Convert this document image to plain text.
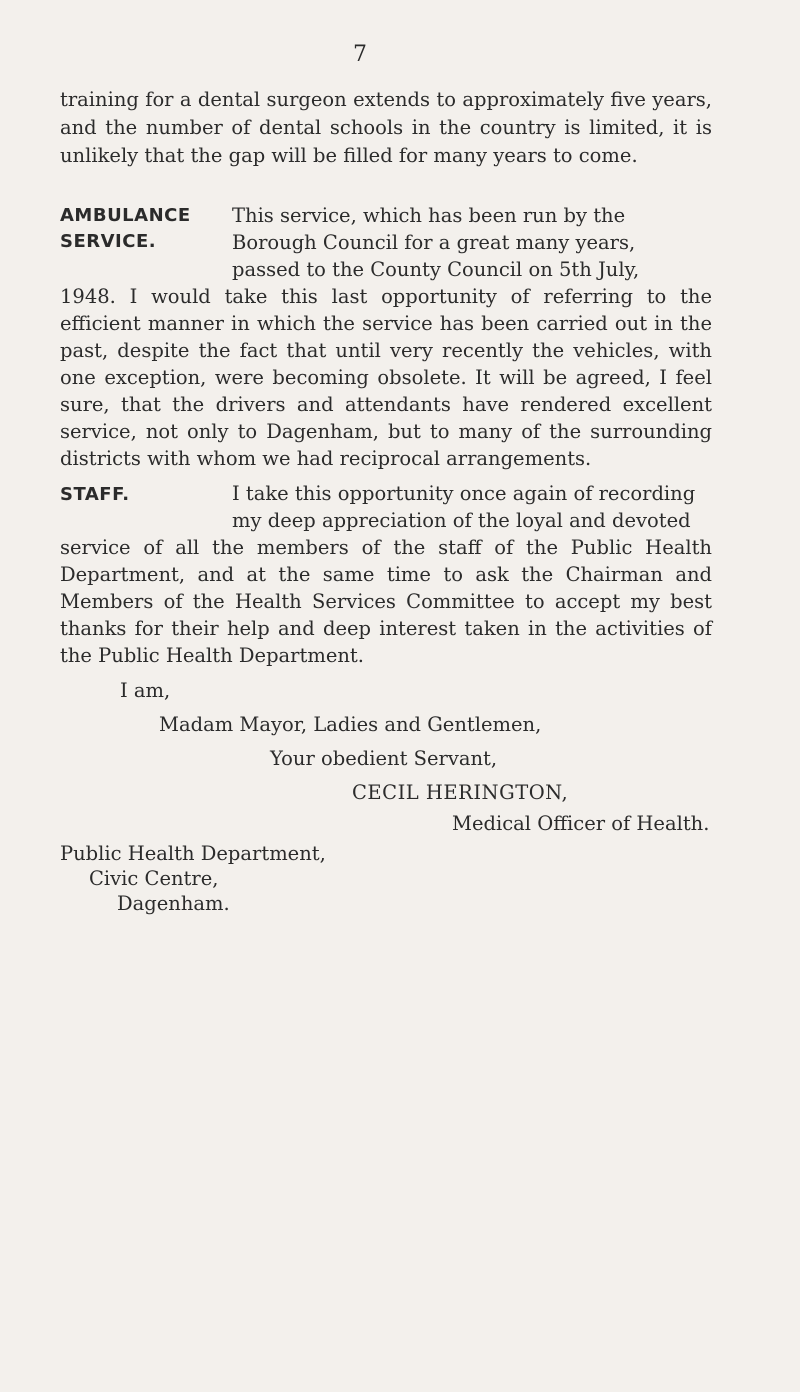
7

training for a dental surgeon extends to approximately five years, and the number of dental schools in the country is limited, it is unlikely that the gap will be filled for many years to come.

AMBULANCE SERVICE.
This service, which has been run by the
Borough Council for a great many years,
passed to the County Council on 5th July,
1948. I would take this last opportunity of referring to the efficient manner in which the service has been carried out in the past, despite the fact that until very recently the vehicles, with one exception, were becoming obsolete. It will be agreed, I feel sure, that the drivers and attendants have rendered excellent service, not only to Dagenham, but to many of the surrounding districts with whom we had reciprocal arrangements.
STAFF.	I take this opportunity once again of recording
my deep appreciation of the loyal and devoted
service of all the members of the staff of the Public Health Department, and at the same time to ask the Chairman and Members of the Health Services Committee to accept my best thanks for their help and deep interest taken in the activities of the Public Health Department.
I am,
Madam Mayor, Ladies and Gentlemen,
Your obedient Servant,
CECIL HERINGTON,
Medical Officer of Health.
Public Health Department,
Civic Centre,
Dagenham.
